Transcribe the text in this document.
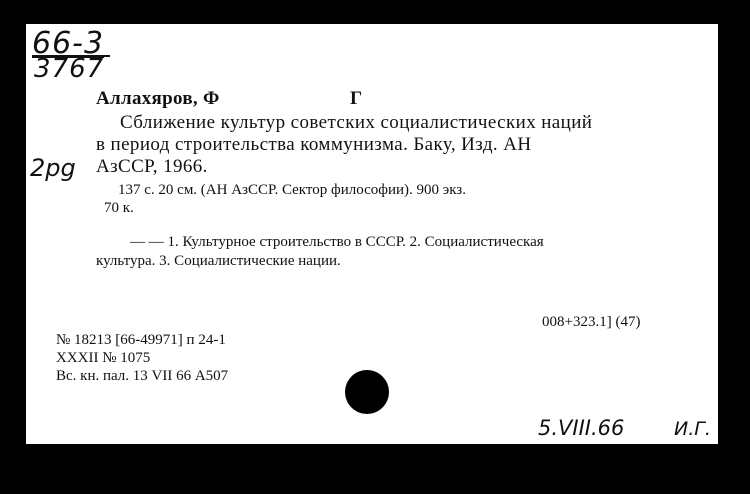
66-3
3767
2pg
Аллахяров, Ф	Г
Сближение культур советских социалистических наций
в период строительства коммунизма. Баку, Изд. АН
АзССР, 1966.
137 с. 20 см. (АН АзССР. Сектор философии). 900 экз.
70 к.
— — 1. Культурное строительство в СССР. 2. Социалистическая
культура. 3. Социалистические нации.
008+323.1] (47)
№ 18213 [66-49971] п 24-1
XXXII № 1075
Вс. кн. пал. 13 VII 66 А507
5.VIII.66	И.Г.
